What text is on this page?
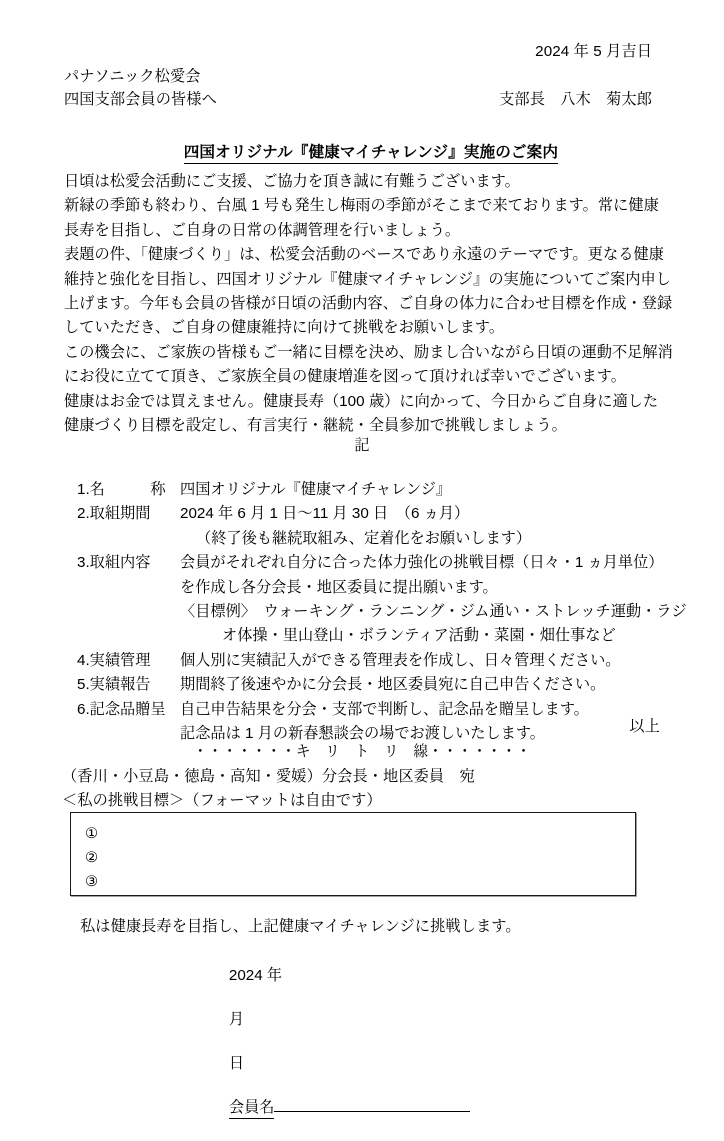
2024 年 5 月吉日
パナソニック松愛会
四国支部会員の皆様へ	支部長　八木　菊太郎

四国オリジナル『健康マイチャレンジ』実施のご案内

日頃は松愛会活動にご支援、ご協力を頂き誠に有難うございます。
新緑の季節も終わり、台風 1 号も発生し梅雨の季節がそこまで来ております。常に健康
長寿を目指し、ご自身の日常の体調管理を行いましょう。
表題の件、「健康づくり」は、松愛会活動のベースであり永遠のテーマです。更なる健康
維持と強化を目指し、四国オリジナル『健康マイチャレンジ』の実施についてご案内申し
上げます。今年も会員の皆様が日頃の活動内容、ご自身の体力に合わせ目標を作成・登録
していただき、ご自身の健康維持に向けて挑戦をお願いします。
この機会に、ご家族の皆様もご一緒に目標を決め、励まし合いながら日頃の運動不足解消
にお役に立てて頂き、ご家族全員の健康増進を図って頂ければ幸いでございます。
健康はお金では買えません。健康長寿（100 歳）に向かって、今日からご自身に適した
健康づくり目標を設定し、有言実行・継続・全員参加で挑戦しましょう。
記
1.名　　　称 四国オリジナル『健康マイチャレンジ』
2.取組期間 2024 年 6 月 1 日～11 月 30 日　（6 ヵ月）
（終了後も継続取組み、定着化をお願いします）
3.取組内容 会員がそれぞれ自分に合った体力強化の挑戦目標（日々・1 ヵ月単位）
を作成し各分会長・地区委員に提出願います。
〈目標例〉　ウォーキング・ランニング・ジム通い・ストレッチ運動・ラジ
オ体操・里山登山・ボランティア活動・菜園・畑仕事など
4.実績管理 個人別に実績記入ができる管理表を作成し、日々管理ください。
5.実績報告 期間終了後速やかに分会長・地区委員宛に自己申告ください。
6.記念品贈呈 自己申告結果を分会・支部で判断し、記念品を贈呈します。
記念品は 1 月の新春懇談会の場でお渡しいたします。	以上
・・・・・・・キ　リ　ト　リ　線・・・・・・・
（香川・小豆島・徳島・高知・愛媛）分会長・地区委員　宛
＜私の挑戦目標＞（フォーマットは自由です）
①
②
③
私は健康長寿を目指し、上記健康マイチャレンジに挑戦します。

2024 年

月

日

会員名
